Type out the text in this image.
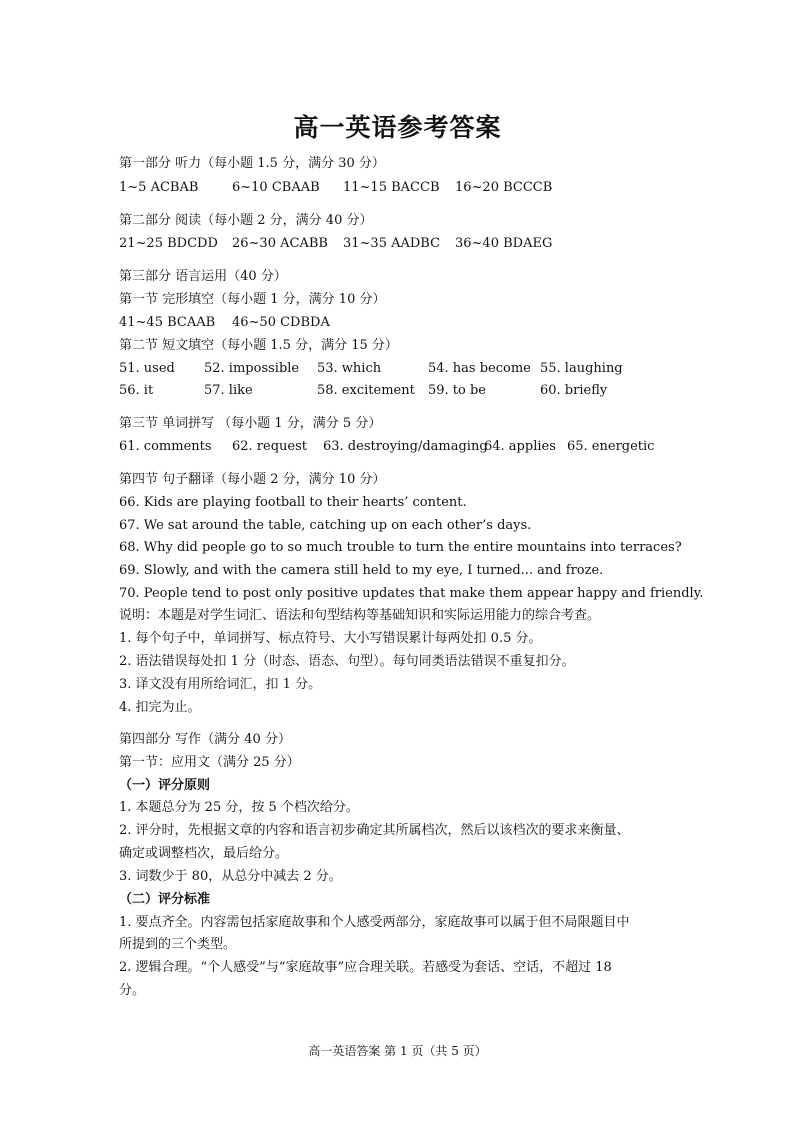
高一英语参考答案
第一部分 听力（每小题 1.5 分，满分 30 分）
1~5 ACBAB	6~10 CBAAB 11~15 BACCB 16~20 BCCCB
第二部分 阅读（每小题 2 分，满分 40 分）
21~25 BDCDD 26~30 ACABB 31~35 AADBC 36~40 BDAEG
第三部分 语言运用（40 分）
第一节 完形填空（每小题 1 分，满分 10 分）
41~45 BCAAB 46~50 CDBDA
第二节 短文填空（每小题 1.5 分，满分 15 分）
51. used 52. impossible 53. which	54. has become 55. laughing
56. it	57. like	58. excitement 59. to be	60. briefly
第三节 单词拼写 （每小题 1 分，满分 5 分）
61. comments 62. request 63. destroying/damaging
64. applies 65. energetic
第四节 句子翻译（每小题 2 分，满分 10 分）
66. Kids are playing football to their hearts’ content.
67. We sat around the table, catching up on each other’s days.
68. Why did people go to so much trouble to turn the entire mountains into terraces?
69. Slowly, and with the camera still held to my eye, I turned... and froze.
70. People tend to post only positive updates that make them appear happy and friendly.
说明：本题是对学生词汇、语法和句型结构等基础知识和实际运用能力的综合考查。
1. 每个句子中，单词拼写、标点符号、大小写错误累计每两处扣 0.5 分。
2. 语法错误每处扣 1 分（时态、语态、句型）。每句同类语法错误不重复扣分。
3. 译文没有用所给词汇，扣 1 分。
4. 扣完为止。
第四部分 写作（满分 40 分）
第一节：应用文（满分 25 分）
（一）评分原则
1. 本题总分为 25 分，按 5 个档次给分。
2. 评分时，先根据文章的内容和语言初步确定其所属档次，然后以该档次的要求来衡量、
确定或调整档次，最后给分。
3. 词数少于 80，从总分中减去 2 分。
（二）评分标准
1. 要点齐全。内容需包括家庭故事和个人感受两部分，家庭故事可以属于但不局限题目中
所提到的三个类型。
2. 逻辑合理。“个人感受”与“家庭故事”应合理关联。若感受为套话、空话，不超过 18
分。
高一英语答案 第 1 页（共 5 页）
